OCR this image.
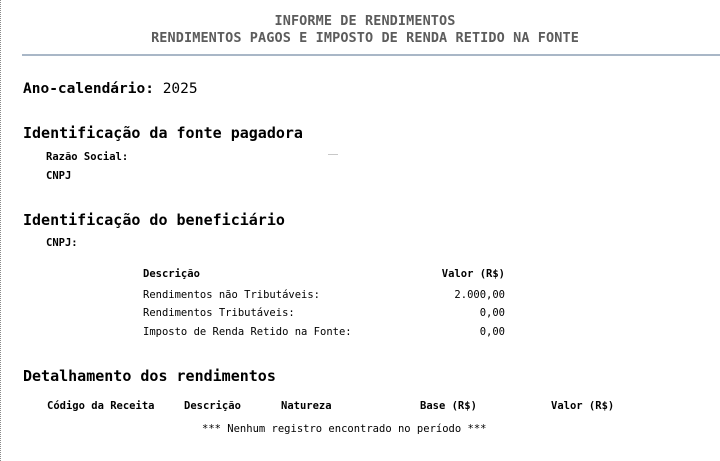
INFORME DE RENDIMENTOS
RENDIMENTOS PAGOS E IMPOSTO DE RENDA RETIDO NA FONTE
Ano-calendário: 2025
Identificação da fonte pagadora
Razão Social:
CNPJ
Identificação do beneficiário
CNPJ:
Descrição	Valor (R$)
Rendimentos não Tributáveis:	2.000,00
Rendimentos Tributáveis:	0,00
Imposto de Renda Retido na Fonte:	0,00
Detalhamento dos rendimentos
Código da Receita	Descrição	Natureza	Base (R$)	Valor (R$)
*** Nenhum registro encontrado no período ***
